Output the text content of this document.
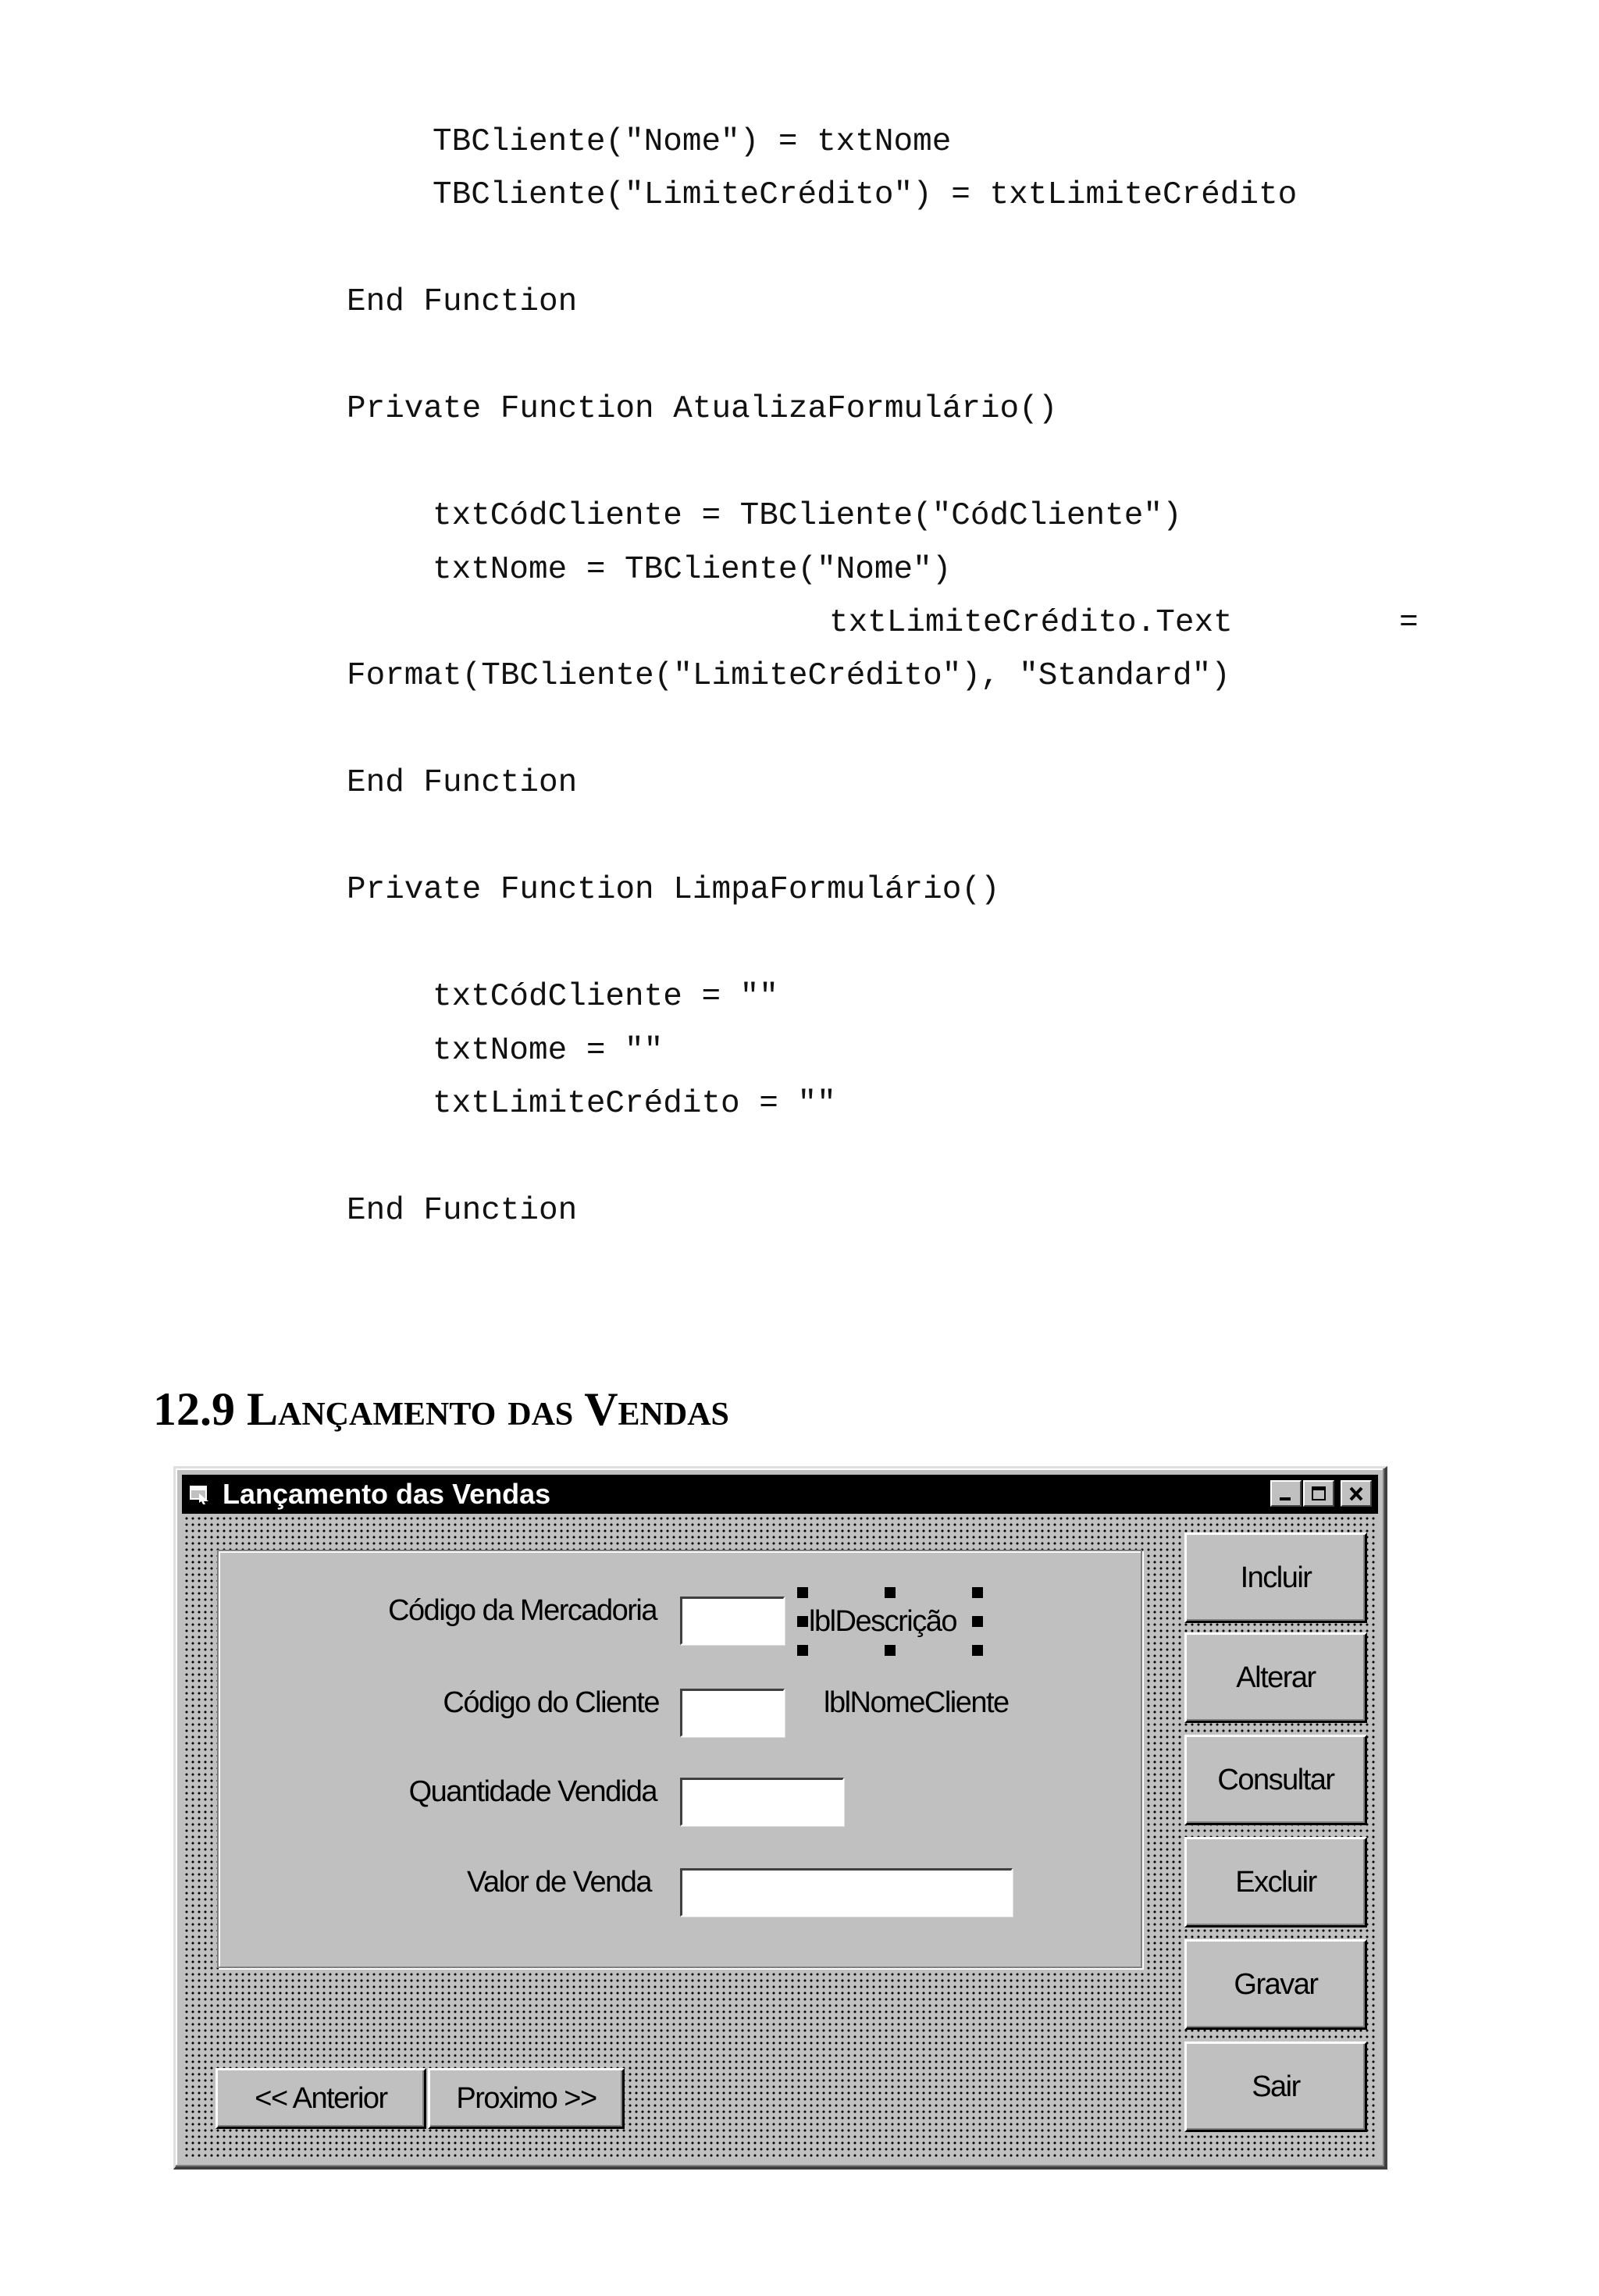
TBCliente("Nome") = txtNome
TBCliente("LimiteCrédito") = txtLimiteCrédito
End Function
Private Function AtualizaFormulário()
txtCódCliente = TBCliente("CódCliente")
txtNome = TBCliente("Nome")
txtLimiteCrédito.Text	=
Format(TBCliente("LimiteCrédito"), "Standard")
End Function
Private Function LimpaFormulário()
txtCódCliente = ""
txtNome = ""
txtLimiteCrédito = ""
End Function
12.9 Lançamento das Vendas
Lançamento das Vendas
Código da Mercadoria	lblDescrição
Código do Cliente	lblNomeCliente
Quantidade Vendida
Valor de Venda
Incluir
Alterar
Consultar
Excluir
Gravar
Sair
<< Anterior	Proximo >>
